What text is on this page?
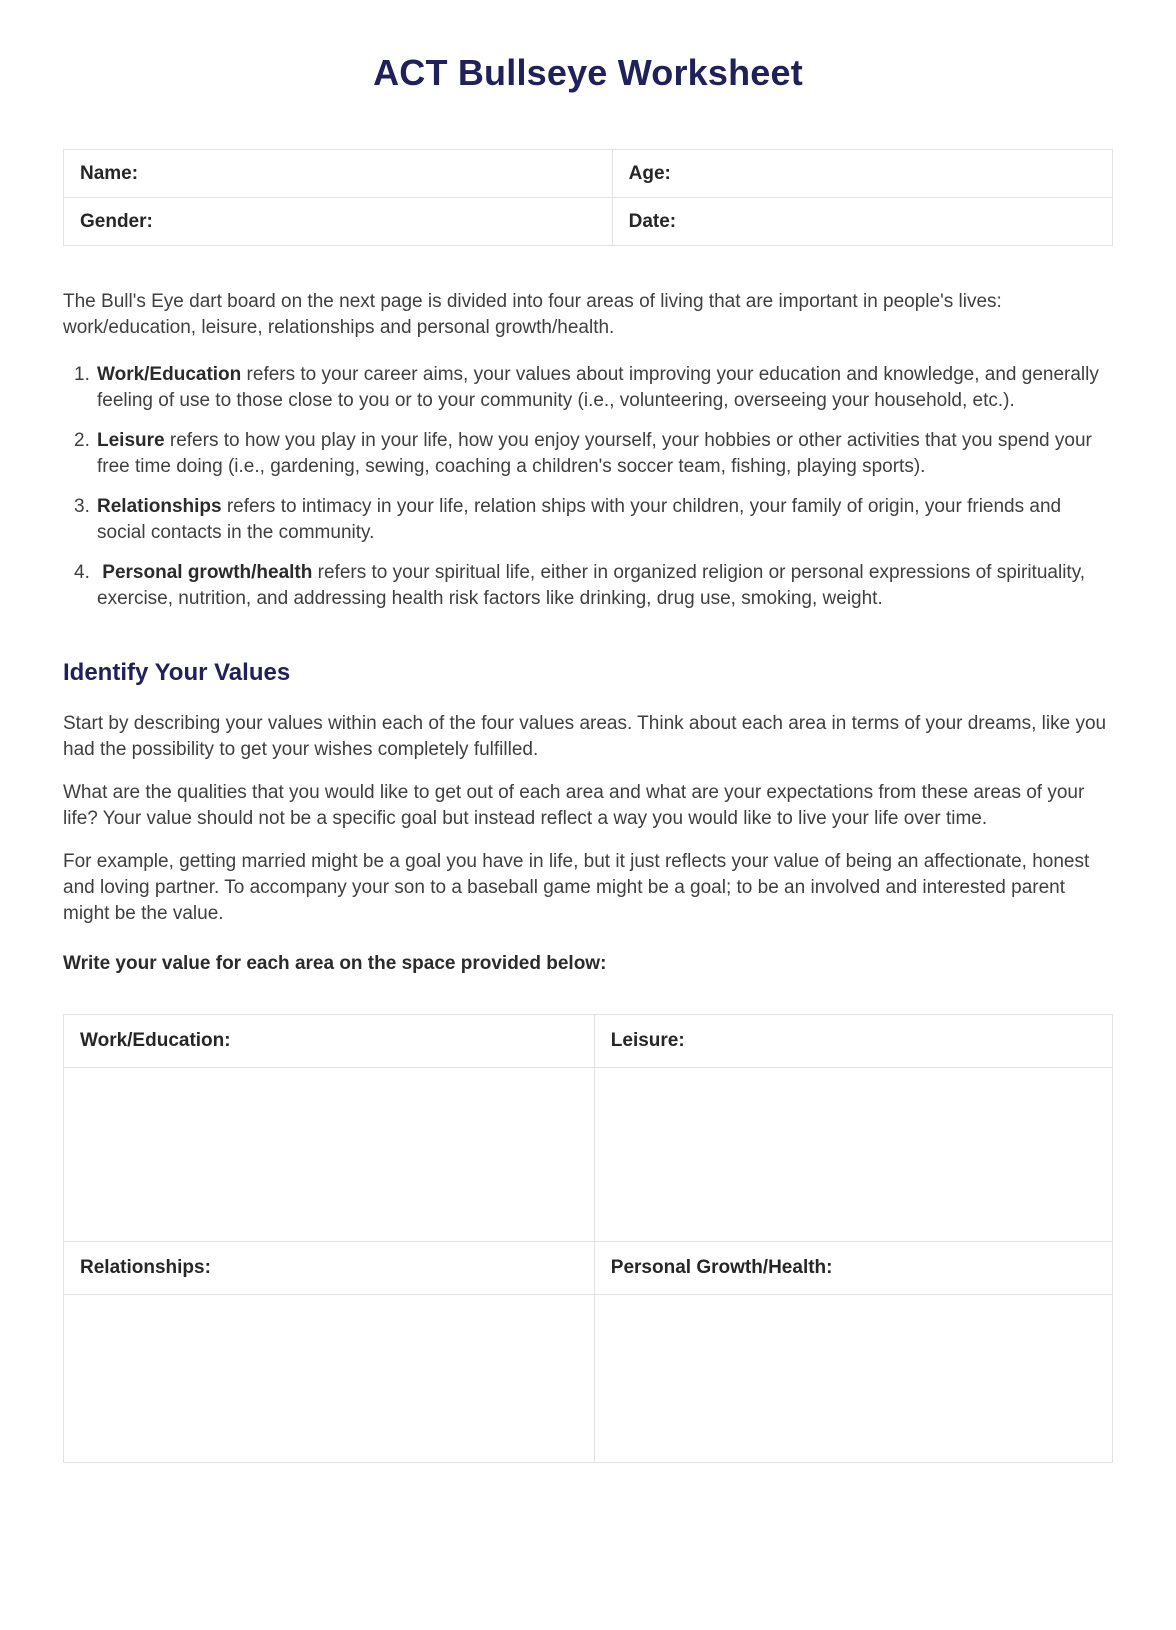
ACT Bullseye Worksheet
Name:	Age:
Gender:	Date:

The Bull's Eye dart board on the next page is divided into four areas of living that are important in people's lives: work/education, leisure, relationships and personal growth/health.

1. Work/Education refers to your career aims, your values about improving your education and knowledge, and generally feeling of use to those close to you or to your community (i.e., volunteering, overseeing your household, etc.).
2. Leisure refers to how you play in your life, how you enjoy yourself, your hobbies or other activities that you spend your free time doing (i.e., gardening, sewing, coaching a children's soccer team, fishing, playing sports).
3. Relationships refers to intimacy in your life, relation ships with your children, your family of origin, your friends and social contacts in the community.
4. Personal growth/health refers to your spiritual life, either in organized religion or personal expressions of spirituality, exercise, nutrition, and addressing health risk factors like drinking, drug use, smoking, weight.
Identify Your Values

Start by describing your values within each of the four values areas. Think about each area in terms of your dreams, like you had the possibility to get your wishes completely fulfilled.

What are the qualities that you would like to get out of each area and what are your expectations from these areas of your life? Your value should not be a specific goal but instead reflect a way you would like to live your life over time.

For example, getting married might be a goal you have in life, but it just reflects your value of being an affectionate, honest and loving partner. To accompany your son to a baseball game might be a goal; to be an involved and interested parent might be the value.

Write your value for each area on the space provided below:

Work/Education:	Leisure:

Relationships:	Personal Growth/Health:
